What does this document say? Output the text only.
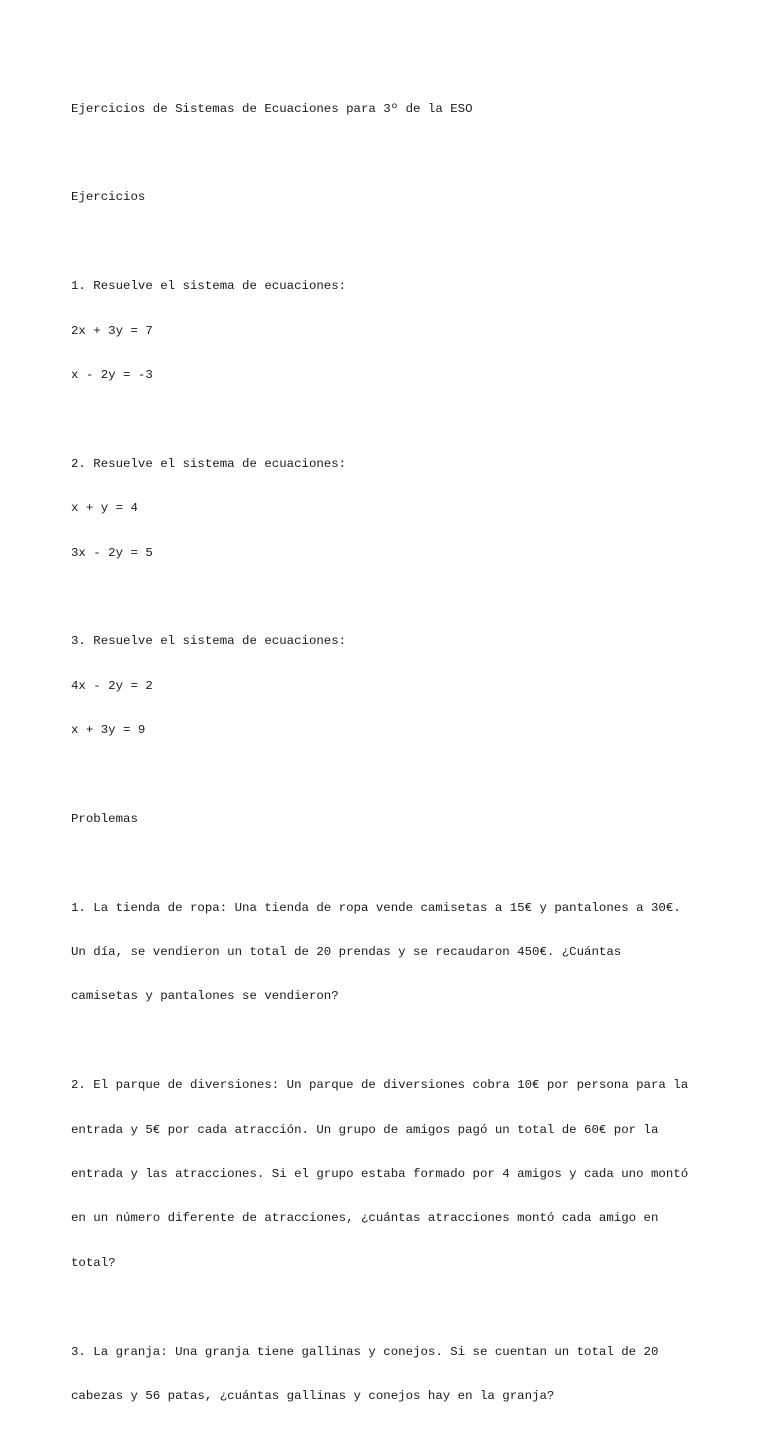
Ejercicios de Sistemas de Ecuaciones para 3º de la ESO

Ejercicios

1. Resuelve el sistema de ecuaciones:

2x + 3y = 7

x - 2y = -3

2. Resuelve el sistema de ecuaciones:

x + y = 4

3x - 2y = 5

3. Resuelve el sistema de ecuaciones:

4x - 2y = 2

x + 3y = 9

Problemas

1. La tienda de ropa: Una tienda de ropa vende camisetas a 15€ y pantalones a 30€.

Un día, se vendieron un total de 20 prendas y se recaudaron 450€. ¿Cuántas

camisetas y pantalones se vendieron?

2. El parque de diversiones: Un parque de diversiones cobra 10€ por persona para la

entrada y 5€ por cada atracción. Un grupo de amigos pagó un total de 60€ por la

entrada y las atracciones. Si el grupo estaba formado por 4 amigos y cada uno montó

en un número diferente de atracciones, ¿cuántas atracciones montó cada amigo en

total?

3. La granja: Una granja tiene gallinas y conejos. Si se cuentan un total de 20

cabezas y 56 patas, ¿cuántas gallinas y conejos hay en la granja?
